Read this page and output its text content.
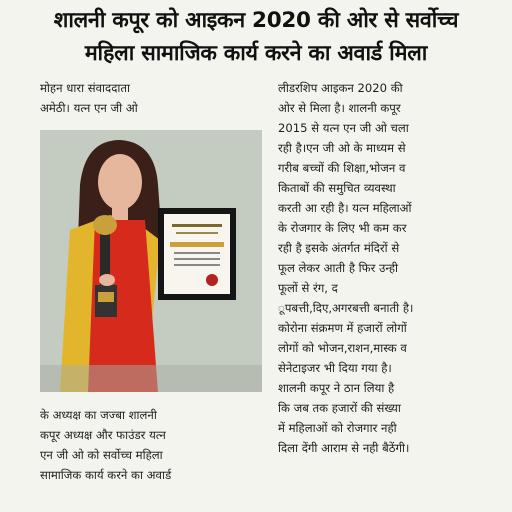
शालनी कपूर को आइकन 2020 की ओर से सर्वोच्च
महिला सामाजिक कार्य करने का अवार्ड मिला
मोहन धारा संवाददाता
अमेठी। यत्न एन जी ओ
लीडरशिप आइकन 2020 की
ओर से मिला है। शालनी कपूर
2015 से यत्न एन जी ओ चला
रही है।एन जी ओ के माध्यम से
गरीब बच्चों की शिक्षा,भोजन व
किताबों की समुचित व्यवस्था
करती आ रही है। यत्न महिलाओं
के रोजगार के लिए भी कम कर
रही है इसके अंतर्गत मंदिरों से
फूल लेकर आती है फिर उन्ही
फूलों से रंग, द
ूपबत्ती,दिए,अगरबत्ती बनाती है।
कोरोना संक्रमण में हजारों लोगों
लोगों को भोजन,राशन,मास्क व
सेनेटाइजर भी दिया गया है।
शालनी कपूर ने ठान लिया है
कि जब तक हजारों की संख्या
में महिलाओं को रोजगार नही
दिला देंगी आराम से नही बैठेंगी।
के अध्यक्ष का जज्बा शालनी
कपूर अध्यक्ष और फाउंडर यत्न
एन जी ओ को सर्वोच्च महिला
सामाजिक कार्य करने का अवार्ड
